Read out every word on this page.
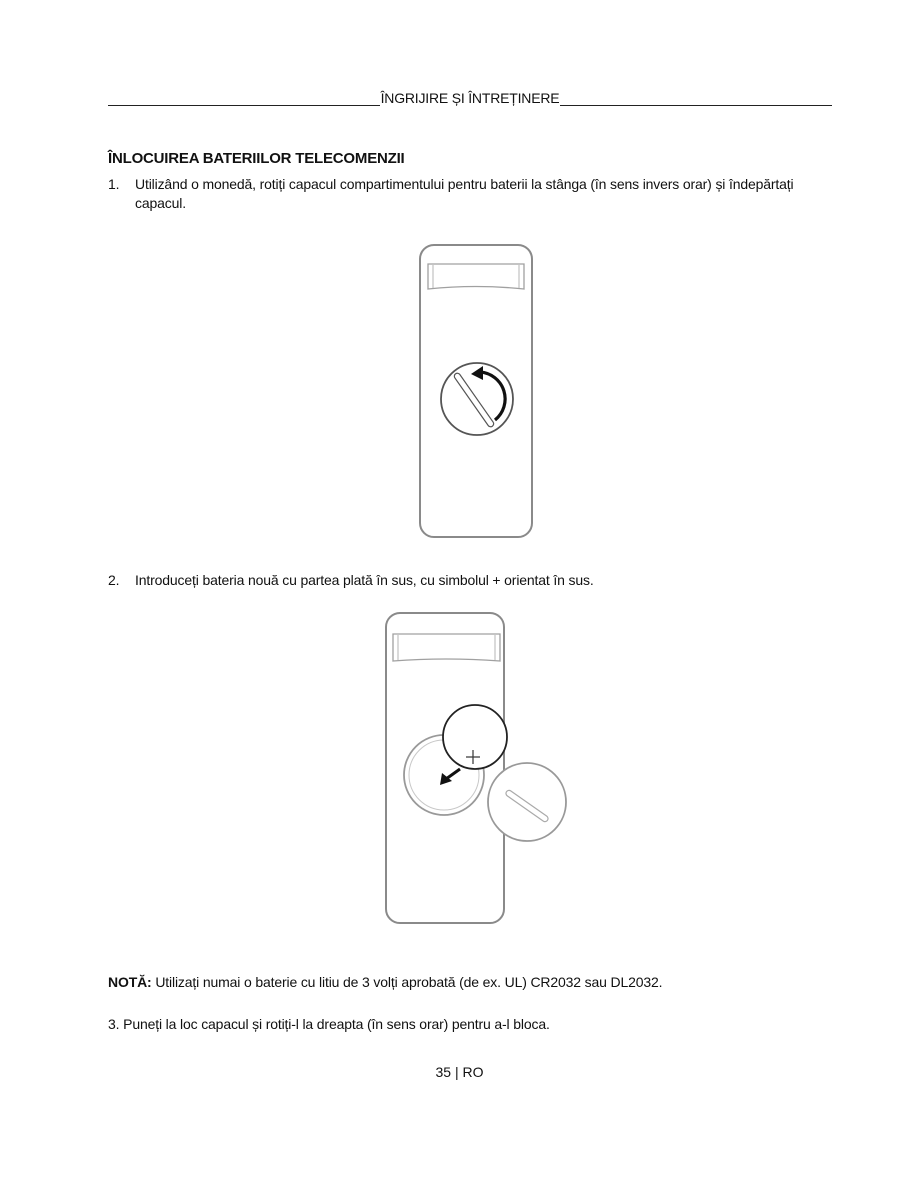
ÎNGRIJIRE ȘI ÎNTREȚINERE
ÎNLOCUIREA BATERIILOR TELECOMENZII
1. Utilizând o monedă, rotiți capacul compartimentului pentru baterii la stânga (în sens invers orar) și îndepărtați capacul.
2. Introduceți bateria nouă cu partea plată în sus, cu simbolul + orientat în sus.
NOTĂ: Utilizați numai o baterie cu litiu de 3 volți aprobată (de ex. UL) CR2032 sau DL2032.
3. Puneți la loc capacul și rotiți-l la dreapta (în sens orar) pentru a-l bloca.
35 | RO
